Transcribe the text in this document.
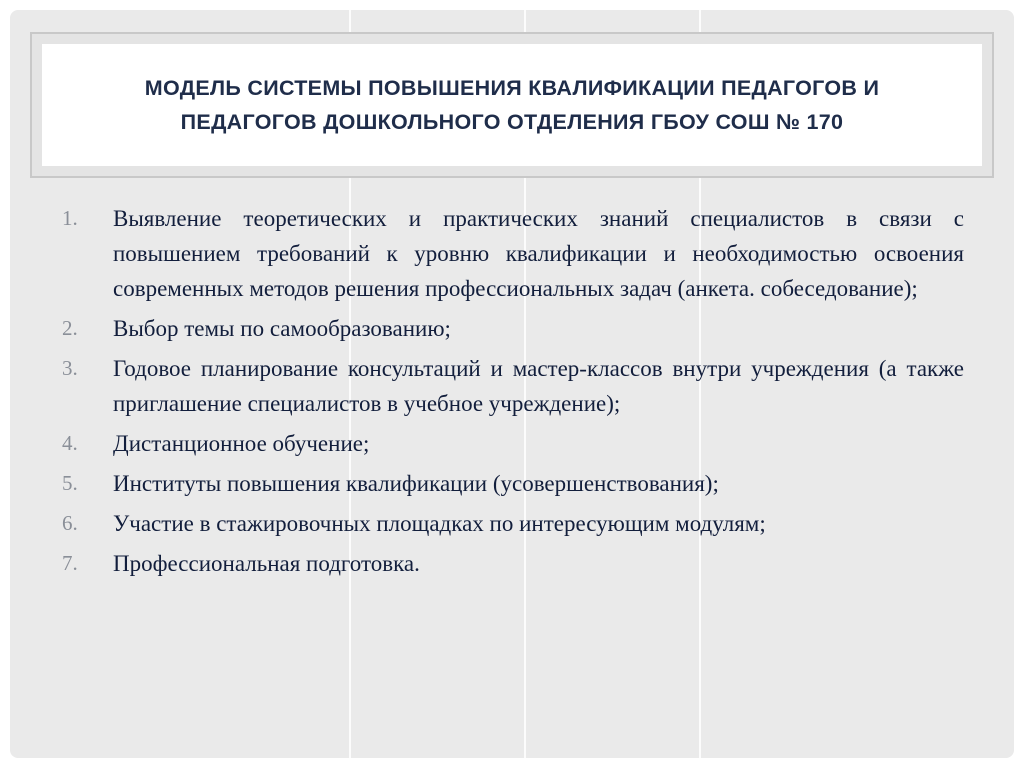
МОДЕЛЬ СИСТЕМЫ ПОВЫШЕНИЯ КВАЛИФИКАЦИИ ПЕДАГОГОВ И
ПЕДАГОГОВ ДОШКОЛЬНОГО ОТДЕЛЕНИЯ ГБОУ СОШ № 170
1.	Выявление теоретических и практических знаний специалистов в связи с повышением требований к уровню квалификации и необходимостью освоения современных методов решения профессиональных задач (анкета. собеседование);
2.	Выбор темы по самообразованию;
3.	Годовое планирование консультаций и мастер-классов внутри учреждения (а также приглашение специалистов в учебное учреждение);
4.	Дистанционное обучение;
5.	Институты повышения квалификации (усовершенствования);
6.	Участие в стажировочных площадках по интересующим модулям;
7.	Профессиональная подготовка.
